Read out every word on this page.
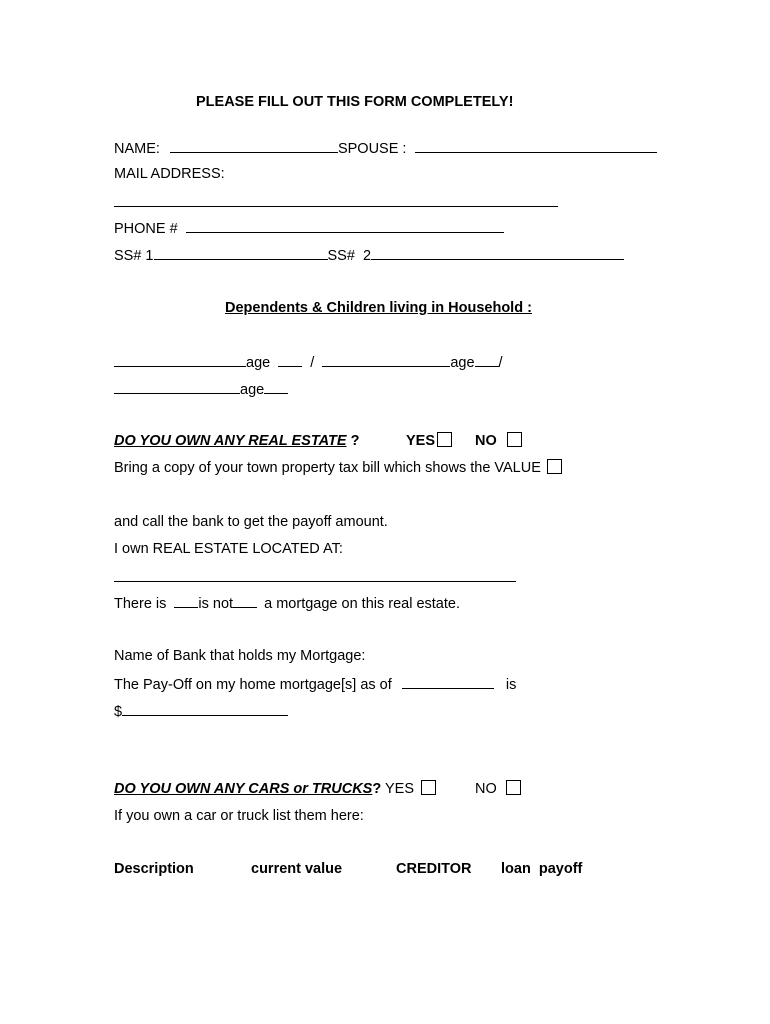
PLEASE FILL OUT THIS FORM COMPLETELY!
NAME:	SPOUSE :
MAIL ADDRESS:
PHONE #
SS# 1	SS#  2
Dependents & Children living in Household :
age	/	age /
age
DO YOU OWN ANY REAL ESTATE ?	YES	NO
Bring a copy of your town property tax bill which shows the VALUE
and call the bank to get the payoff amount.
I own REAL ESTATE LOCATED AT:
There is is not a mortgage on this real estate.
Name of Bank that holds my Mortgage:
The Pay-Off on my home mortgage[s] as of	is
$
DO YOU OWN ANY CARS or TRUCKS? YES	NO
If you own a car or truck list them here:
Description	current value	CREDITOR loan  payoff
